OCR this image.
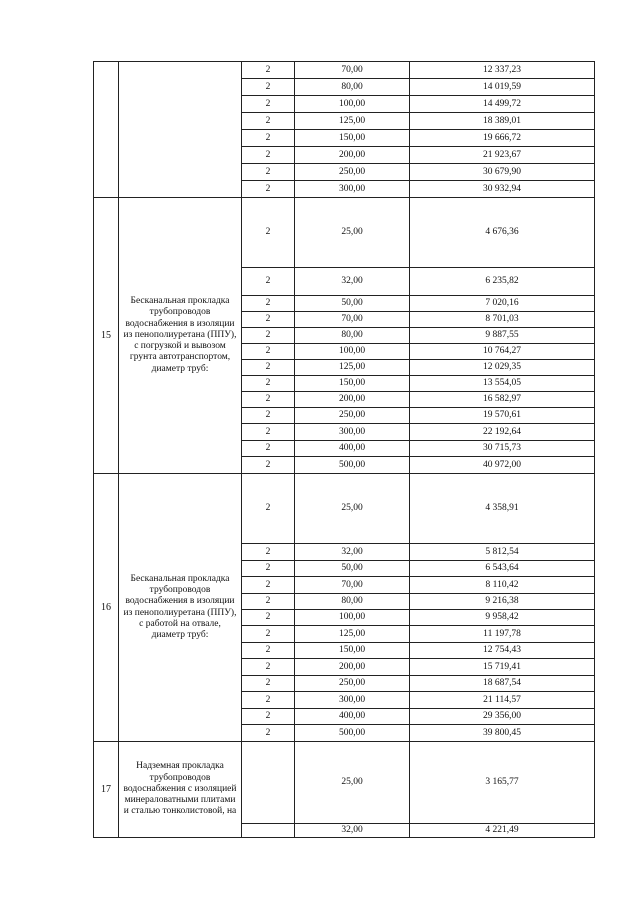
		2	70,00	12 337,23
		2	80,00	14 019,59
		2	100,00	14 499,72
		2	125,00	18 389,01
		2	150,00	19 666,72
		2	200,00	21 923,67
		2	250,00	30 679,90
		2	300,00	30 932,94
15	Бесканальная прокладка трубопроводов водоснабжения в изоляции из пенополиуретана (ППУ), с погрузкой и вывозом грунта автотранспортом, диаметр труб:	2	25,00	4 676,36
		2	32,00	6 235,82
		2	50,00	7 020,16
		2	70,00	8 701,03
		2	80,00	9 887,55
		2	100,00	10 764,27
		2	125,00	12 029,35
		2	150,00	13 554,05
		2	200,00	16 582,97
		2	250,00	19 570,61
		2	300,00	22 192,64
		2	400,00	30 715,73
		2	500,00	40 972,00
16	Бесканальная прокладка трубопроводов водоснабжения в изоляции из пенополиуретана (ППУ), с работой на отвале, диаметр труб:	2	25,00	4 358,91
		2	32,00	5 812,54
		2	50,00	6 543,64
		2	70,00	8 110,42
		2	80,00	9 216,38
		2	100,00	9 958,42
		2	125,00	11 197,78
		2	150,00	12 754,43
		2	200,00	15 719,41
		2	250,00	18 687,54
		2	300,00	21 114,57
		2	400,00	29 356,00
		2	500,00	39 800,45
17	Надземная прокладка трубопроводов водоснабжения с изоляцией минераловатными плитами и сталью тонколистовой, на		25,00	3 165,77
			32,00	4 221,49
